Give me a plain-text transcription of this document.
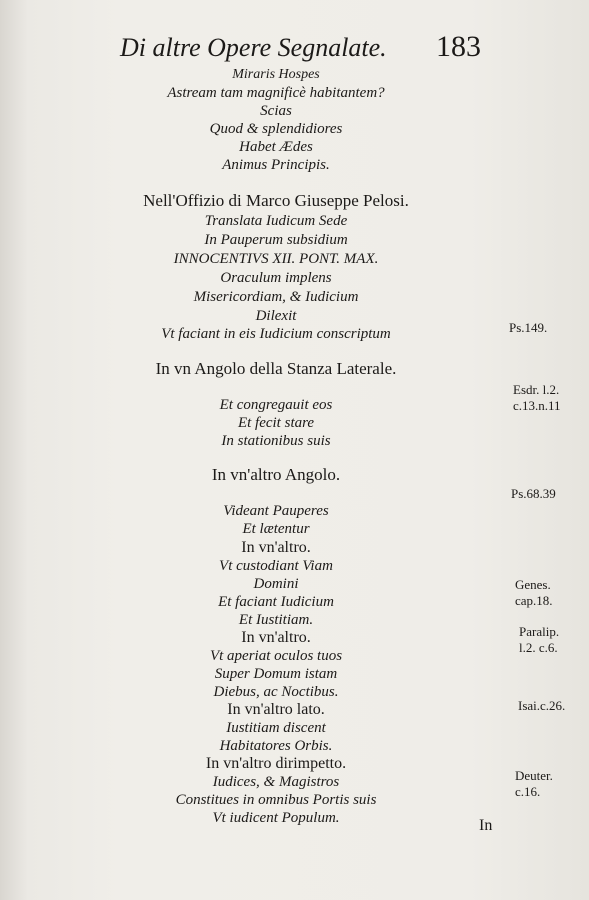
Di altre Opere Segnalate. 183
Miraris Hospes
Astream tam magnificè habitantem?
Scias
Quod & splendidiores
Habet Ædes
Animus Principis.
Nell'Offizio di Marco Giuseppe Pelosi.
Translata Iudicum Sede
In Pauperum subsidium
INNOCENTIVS XII. PONT. MAX.
Oraculum implens
Misericordiam, & Iudicium
Dilexit
Vt faciant in eis Iudicium conscriptum
In vn Angolo della Stanza Laterale.
Et congregauit eos
Et fecit stare
In stationibus suis
In vn'altro Angolo.
Videant Pauperes
Et lætentur
In vn'altro.
Vt custodiant Viam
Domini
Et faciant Iudicium
Et Iustitiam.
In vn'altro.
Vt aperiat oculos tuos
Super Domum istam
Diebus, ac Noctibus.
In vn'altro lato.
Iustitiam discent
Habitatores Orbis.
In vn'altro dirimpetto.
Iudices, & Magistros
Constitues in omnibus Portis suis
Vt iudicent Populum.
Ps.149.
Esdr. l.2.
c.13.n.11
Ps.68.39
Genes.
cap.18.
Paralip.
l.2. c.6.
Isai.c.26.
Deuter.
c.16.
In
